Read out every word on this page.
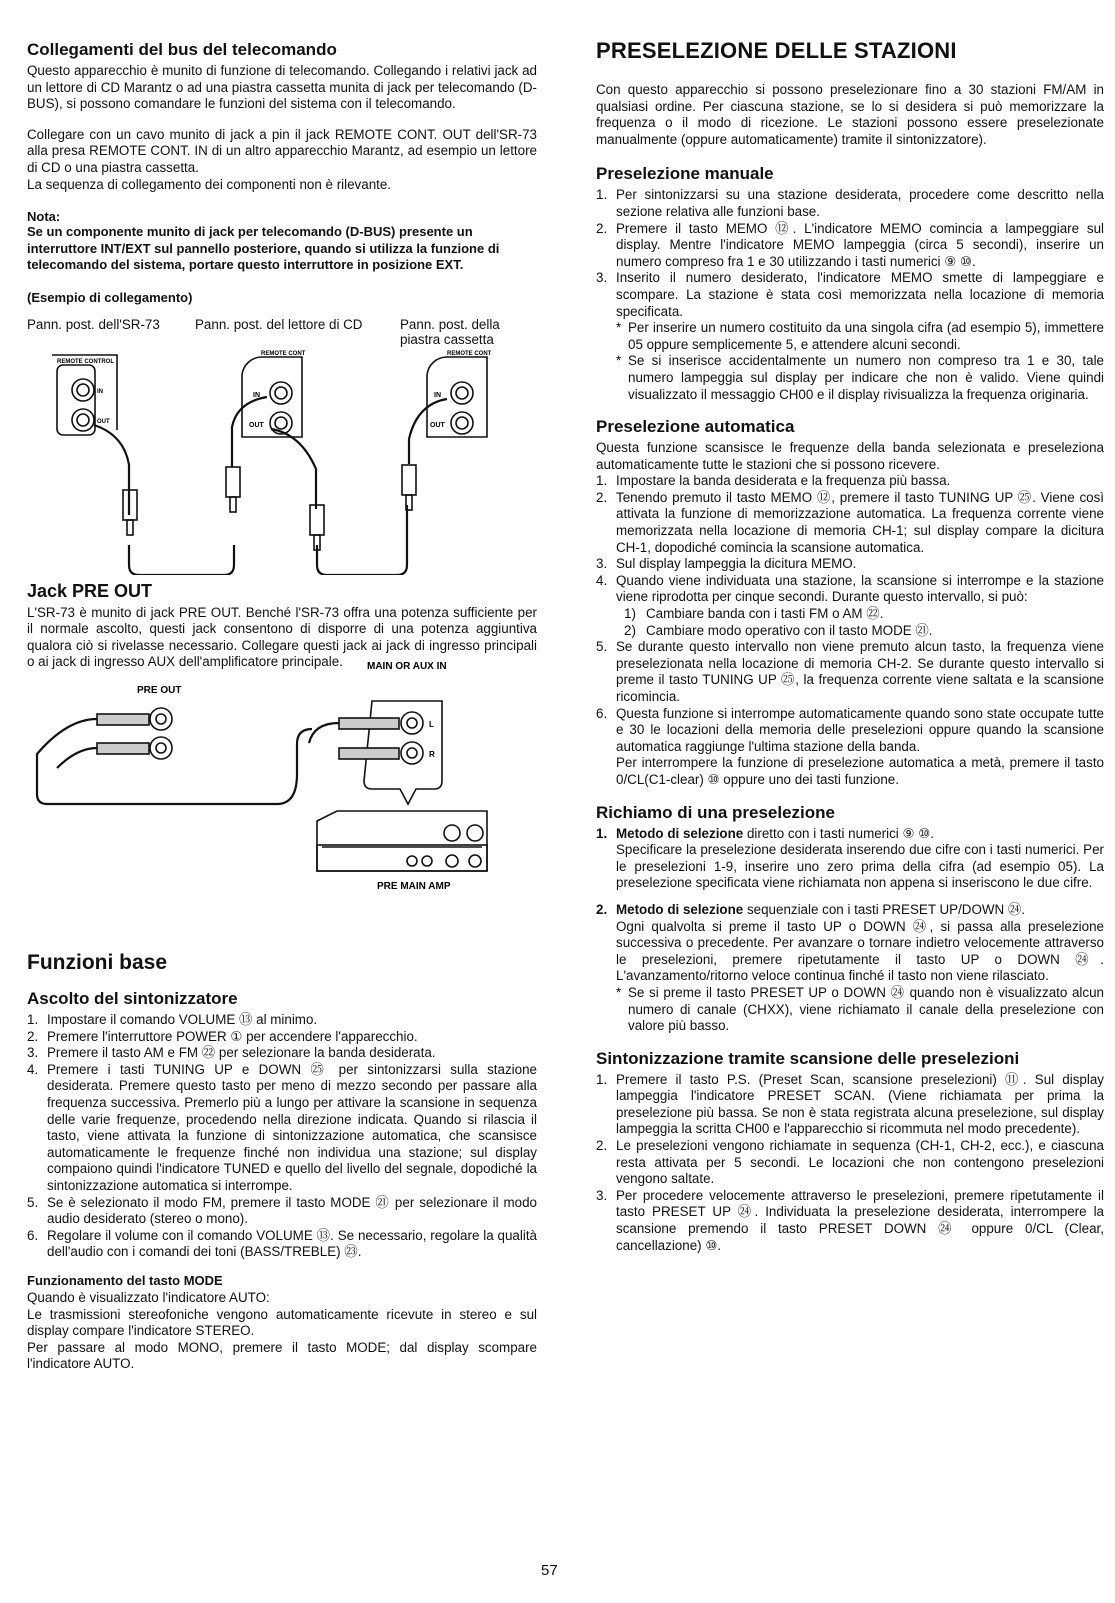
Collegamenti del bus del telecomando

Questo apparecchio è munito di funzione di telecomando. Collegando i relativi jack ad un lettore di CD Marantz o ad una piastra cassetta munita di jack per telecomando (D-BUS), si possono comandare le funzioni del sistema con il telecomando.

Collegare con un cavo munito di jack a pin il jack REMOTE CONT. OUT dell'SR-73 alla presa REMOTE CONT. IN di un altro apparecchio Marantz, ad esempio un lettore di CD o una piastra cassetta.

La sequenza di collegamento dei componenti non è rilevante.

Nota:
Se un componente munito di jack per telecomando (D-BUS) presente un interruttore INT/EXT sul pannello posteriore, quando si utilizza la funzione di telecomando del sistema, portare questo interruttore in posizione EXT.
(Esempio di collegamento)
Pann. post. dell'SR-73	Pann. post. del lettore di CD	Pann. post. della piastra cassetta
REMOTE CONTROL
REMOTE CONT	REMOTE CONT
IN
OUT
IN
OUT
IN
OUT
Jack PRE OUT

L'SR-73 è munito di jack PRE OUT. Benché l'SR-73 offra una potenza sufficiente per il normale ascolto, questi jack consentono di disporre di una potenza aggiuntiva qualora ciò si rivelasse necessario. Collegare questi jack ai jack di ingresso principali o ai jack di ingresso AUX dell'amplificatore principale.	MAIN OR AUX IN
PRE OUT
L
R
PRE MAIN AMP
Funzioni base
Ascolto del sintonizzatore
1. Impostare il comando VOLUME ⑬ al minimo.
2. Premere l'interruttore POWER ① per accendere l'apparecchio.
3. Premere il tasto AM e FM ㉒ per selezionare la banda desiderata.
4. Premere i tasti TUNING UP e DOWN ㉕ per sintonizzarsi sulla stazione desiderata. Premere questo tasto per meno di mezzo secondo per passare alla frequenza successiva. Premerlo più a lungo per attivare la scansione in sequenza delle varie frequenze, procedendo nella direzione indicata. Quando si rilascia il tasto, viene attivata la funzione di sintonizzazione automatica, che scansisce automaticamente le frequenze finché non individua una stazione; sul display compaiono quindi l'indicatore TUNED e quello del livello del segnale, dopodiché la sintonizzazione automatica si interrompe.
5. Se è selezionato il modo FM, premere il tasto MODE ㉑ per selezionare il modo audio desiderato (stereo o mono).
6. Regolare il volume con il comando VOLUME ⑬. Se necessario, regolare la qualità dell'audio con i comandi dei toni (BASS/TREBLE) ㉓.
Funzionamento del tasto MODE

Quando è visualizzato l'indicatore AUTO:

Le trasmissioni stereofoniche vengono automaticamente ricevute in stereo e sul display compare l'indicatore STEREO.

Per passare al modo MONO, premere il tasto MODE; dal display scompare l'indicatore AUTO.

PRESELEZIONE DELLE STAZIONI

Con questo apparecchio si possono preselezionare fino a 30 stazioni FM/AM in qualsiasi ordine. Per ciascuna stazione, se lo si desidera si può memorizzare la frequenza o il modo di ricezione. Le stazioni possono essere preselezionate manualmente (oppure automaticamente) tramite il sintonizzatore).

Preselezione manuale
1. Per sintonizzarsi su una stazione desiderata, procedere come descritto nella sezione relativa alle funzioni base.
2. Premere il tasto MEMO ⑫. L'indicatore MEMO comincia a lampeggiare sul display. Mentre l'indicatore MEMO lampeggia (circa 5 secondi), inserire un numero compreso fra 1 e 30 utilizzando i tasti numerici ⑨ ⑩.
3. Inserito il numero desiderato, l'indicatore MEMO smette di lampeggiare e scompare. La stazione è stata così memorizzata nella locazione di memoria specificata.
* Per inserire un numero costituito da una singola cifra (ad esempio 5), immettere 05 oppure semplicemente 5, e attendere alcuni secondi.
* Se si inserisce accidentalmente un numero non compreso tra 1 e 30, tale numero lampeggia sul display per indicare che non è valido. Viene quindi visualizzato il messaggio CH00 e il display rivisualizza la frequenza originaria.
Preselezione automatica

Questa funzione scansisce le frequenze della banda selezionata e preseleziona automaticamente tutte le stazioni che si possono ricevere.

1. Impostare la banda desiderata e la frequenza più bassa.
2. Tenendo premuto il tasto MEMO ⑫, premere il tasto TUNING UP ㉕. Viene così attivata la funzione di memorizzazione automatica. La frequenza corrente viene memorizzata nella locazione di memoria CH-1; sul display compare la dicitura CH-1, dopodiché comincia la scansione automatica.
3. Sul display lampeggia la dicitura MEMO.
4. Quando viene individuata una stazione, la scansione si interrompe e la stazione viene riprodotta per cinque secondi. Durante questo intervallo, si può:
1) Cambiare banda con i tasti FM o AM ㉒.
2) Cambiare modo operativo con il tasto MODE ㉑.
5. Se durante questo intervallo non viene premuto alcun tasto, la frequenza viene preselezionata nella locazione di memoria CH-2. Se durante questo intervallo si preme il tasto TUNING UP ㉕, la frequenza corrente viene saltata e la scansione ricomincia.
6. Questa funzione si interrompe automaticamente quando sono state occupate tutte e 30 le locazioni della memoria delle preselezioni oppure quando la scansione automatica raggiunge l'ultima stazione della banda.
Per interrompere la funzione di preselezione automatica a metà, premere il tasto 0/CL(C1-clear) ⑩ oppure uno dei tasti funzione.
Richiamo di una preselezione
1. Metodo di selezione diretto con i tasti numerici ⑨ ⑩.
Specificare la preselezione desiderata inserendo due cifre con i tasti numerici. Per le preselezioni 1-9, inserire uno zero prima della cifra (ad esempio 05). La preselezione specificata viene richiamata non appena si inseriscono le due cifre.
2. Metodo di selezione sequenziale con i tasti PRESET UP/DOWN ㉔.
Ogni qualvolta si preme il tasto UP o DOWN ㉔, si passa alla preselezione successiva o precedente. Per avanzare o tornare indietro velocemente attraverso le preselezioni, premere ripetutamente il tasto UP o DOWN ㉔. L'avanzamento/ritorno veloce continua finché il tasto non viene rilasciato.
* Se si preme il tasto PRESET UP o DOWN ㉔ quando non è visualizzato alcun numero di canale (CHXX), viene richiamato il canale della preselezione con valore più basso.
Sintonizzazione tramite scansione delle preselezioni
1. Premere il tasto P.S. (Preset Scan, scansione preselezioni) ⑪. Sul display lampeggia l'indicatore PRESET SCAN. (Viene richiamata per prima la preselezione più bassa. Se non è stata registrata alcuna preselezione, sul display lampeggia la scritta CH00 e l'apparecchio si ricommuta nel modo precedente).
2. Le preselezioni vengono richiamate in sequenza (CH-1, CH-2, ecc.), e ciascuna resta attivata per 5 secondi. Le locazioni che non contengono preselezioni vengono saltate.
3. Per procedere velocemente attraverso le preselezioni, premere ripetutamente il tasto PRESET UP ㉔. Individuata la preselezione desiderata, interrompere la scansione premendo il tasto PRESET DOWN ㉔ oppure 0/CL (Clear, cancellazione) ⑩.
57
